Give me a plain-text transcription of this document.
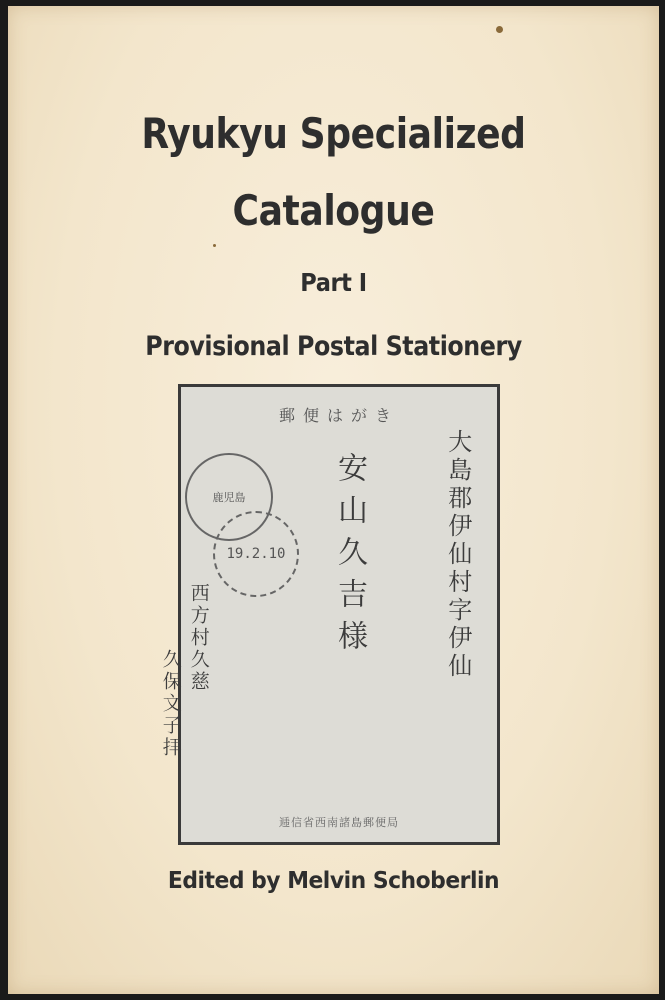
Ryukyu Specialized
Catalogue
Part I
Provisional Postal Stationery
郵便はがき
鹿児島
19.2.10	安山久吉様	大島郡伊仙村字伊仙
西方村久慈
久保文子拝
逓信省西南諸島郵便局
Edited by Melvin Schoberlin
